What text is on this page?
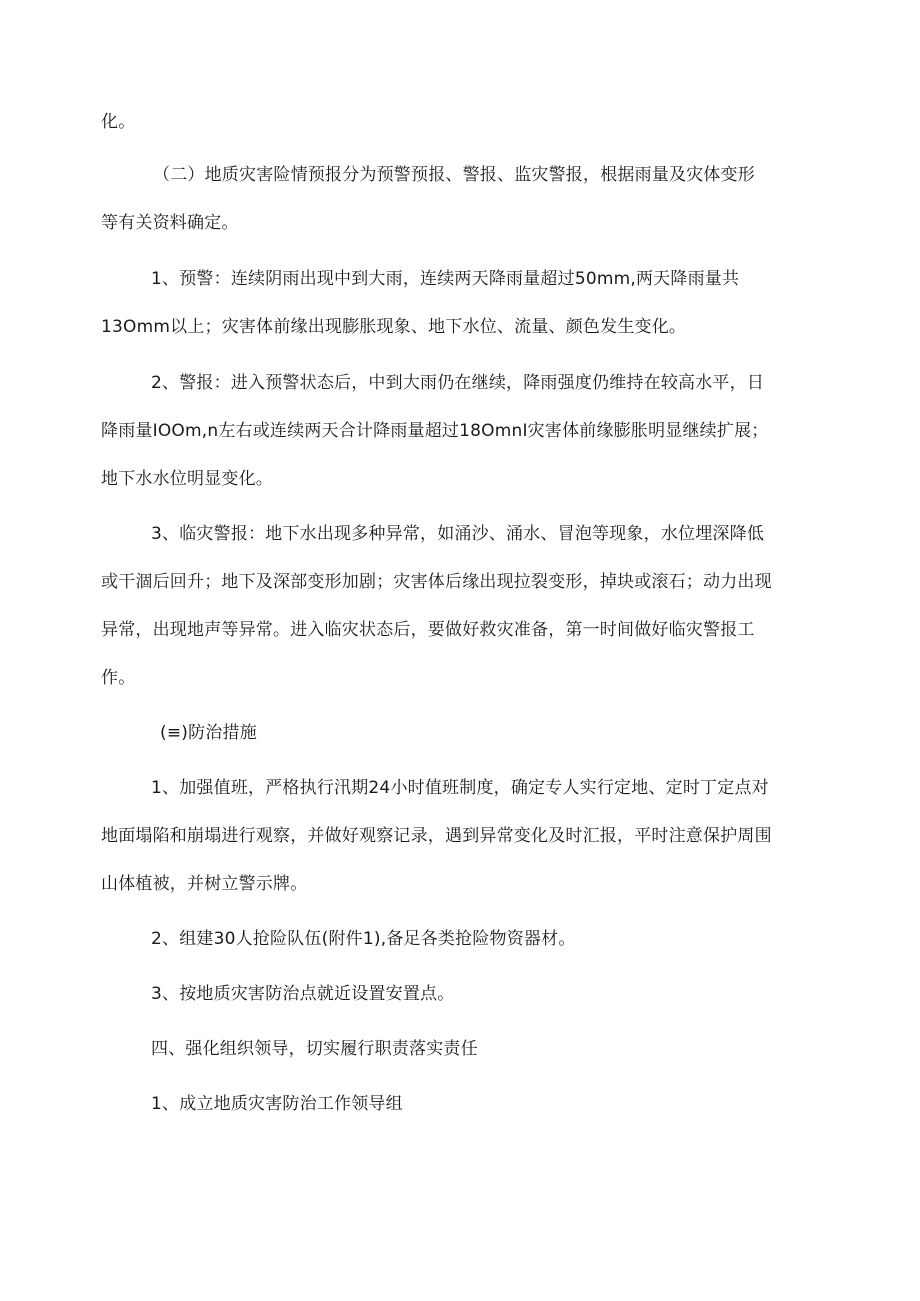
化。
（二）地质灾害险情预报分为预警预报、警报、监灾警报，根据雨量及灾体变形
等有关资料确定。
1、预警：连续阴雨出现中到大雨，连续两天降雨量超过50mm,两天降雨量共
13Omm以上；灾害体前缘出现膨胀现象、地下水位、流量、颜色发生变化。
2、警报：进入预警状态后，中到大雨仍在继续，降雨强度仍维持在较高水平，日
降雨量IOOm,n左右或连续两天合计降雨量超过18OmnI灾害体前缘膨胀明显继续扩展；
地下水水位明显变化。
3、临灾警报：地下水出现多种异常，如涌沙、涌水、冒泡等现象，水位埋深降低
或干涸后回升；地下及深部变形加剧；灾害体后缘出现拉裂变形，掉块或滚石；动力出现
异常，出现地声等异常。进入临灾状态后，要做好救灾准备，第一时间做好临灾警报工
作。
(≡)防治措施
1、加强值班，严格执行汛期24小时值班制度，确定专人实行定地、定时丁定点对
地面塌陷和崩塌进行观察，并做好观察记录，遇到异常变化及时汇报，平时注意保护周围
山体植被，并树立警示牌。
2、组建30人抢险队伍(附件1),备足各类抢险物资器材。
3、按地质灾害防治点就近设置安置点。
四、强化组织领导，切实履行职责落实责任
1、成立地质灾害防治工作领导组
